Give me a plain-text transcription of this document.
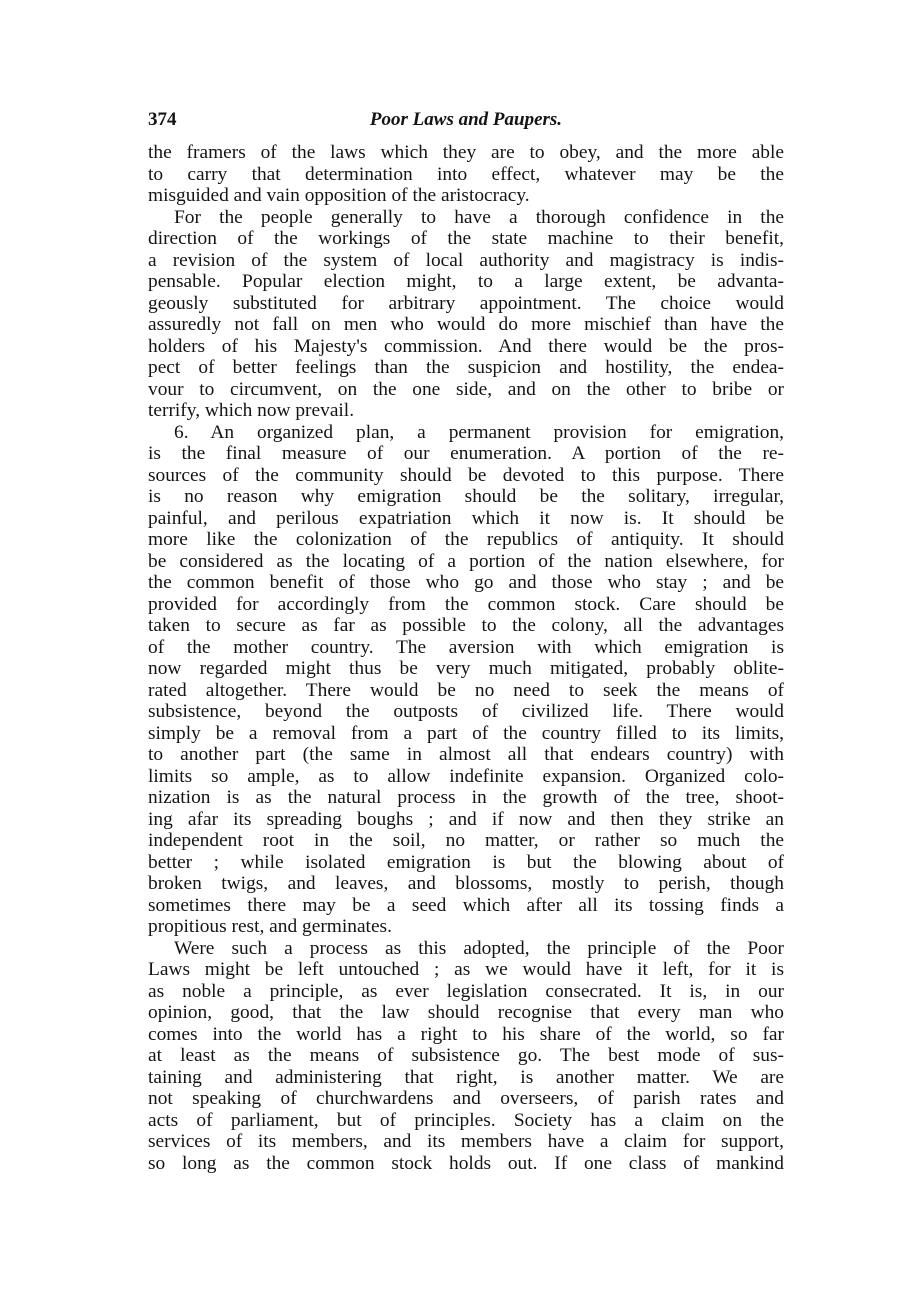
374	Poor Laws and Paupers.
the framers of the laws which they are to obey, and the more able
to carry that determination into effect, whatever may be the
misguided and vain opposition of the aristocracy.
For the people generally to have a thorough confidence in the
direction of the workings of the state machine to their benefit,
a revision of the system of local authority and magistracy is indis-
pensable. Popular election might, to a large extent, be advanta-
geously substituted for arbitrary appointment. The choice would
assuredly not fall on men who would do more mischief than have the
holders of his Majesty's commission. And there would be the pros-
pect of better feelings than the suspicion and hostility, the endea-
vour to circumvent, on the one side, and on the other to bribe or
terrify, which now prevail.
6. An organized plan, a permanent provision for emigration,
is the final measure of our enumeration. A portion of the re-
sources of the community should be devoted to this purpose. There
is no reason why emigration should be the solitary, irregular,
painful, and perilous expatriation which it now is. It should be
more like the colonization of the republics of antiquity. It should
be considered as the locating of a portion of the nation elsewhere, for
the common benefit of those who go and those who stay ; and be
provided for accordingly from the common stock. Care should be
taken to secure as far as possible to the colony, all the advantages
of the mother country. The aversion with which emigration is
now regarded might thus be very much mitigated, probably oblite-
rated altogether. There would be no need to seek the means of
subsistence, beyond the outposts of civilized life. There would
simply be a removal from a part of the country filled to its limits,
to another part (the same in almost all that endears country) with
limits so ample, as to allow indefinite expansion. Organized colo-
nization is as the natural process in the growth of the tree, shoot-
ing afar its spreading boughs ; and if now and then they strike an
independent root in the soil, no matter, or rather so much the
better ; while isolated emigration is but the blowing about of
broken twigs, and leaves, and blossoms, mostly to perish, though
sometimes there may be a seed which after all its tossing finds a
propitious rest, and germinates.
Were such a process as this adopted, the principle of the Poor
Laws might be left untouched ; as we would have it left, for it is
as noble a principle, as ever legislation consecrated. It is, in our
opinion, good, that the law should recognise that every man who
comes into the world has a right to his share of the world, so far
at least as the means of subsistence go. The best mode of sus-
taining and administering that right, is another matter. We are
not speaking of churchwardens and overseers, of parish rates and
acts of parliament, but of principles. Society has a claim on the
services of its members, and its members have a claim for support,
so long as the common stock holds out. If one class of mankind
